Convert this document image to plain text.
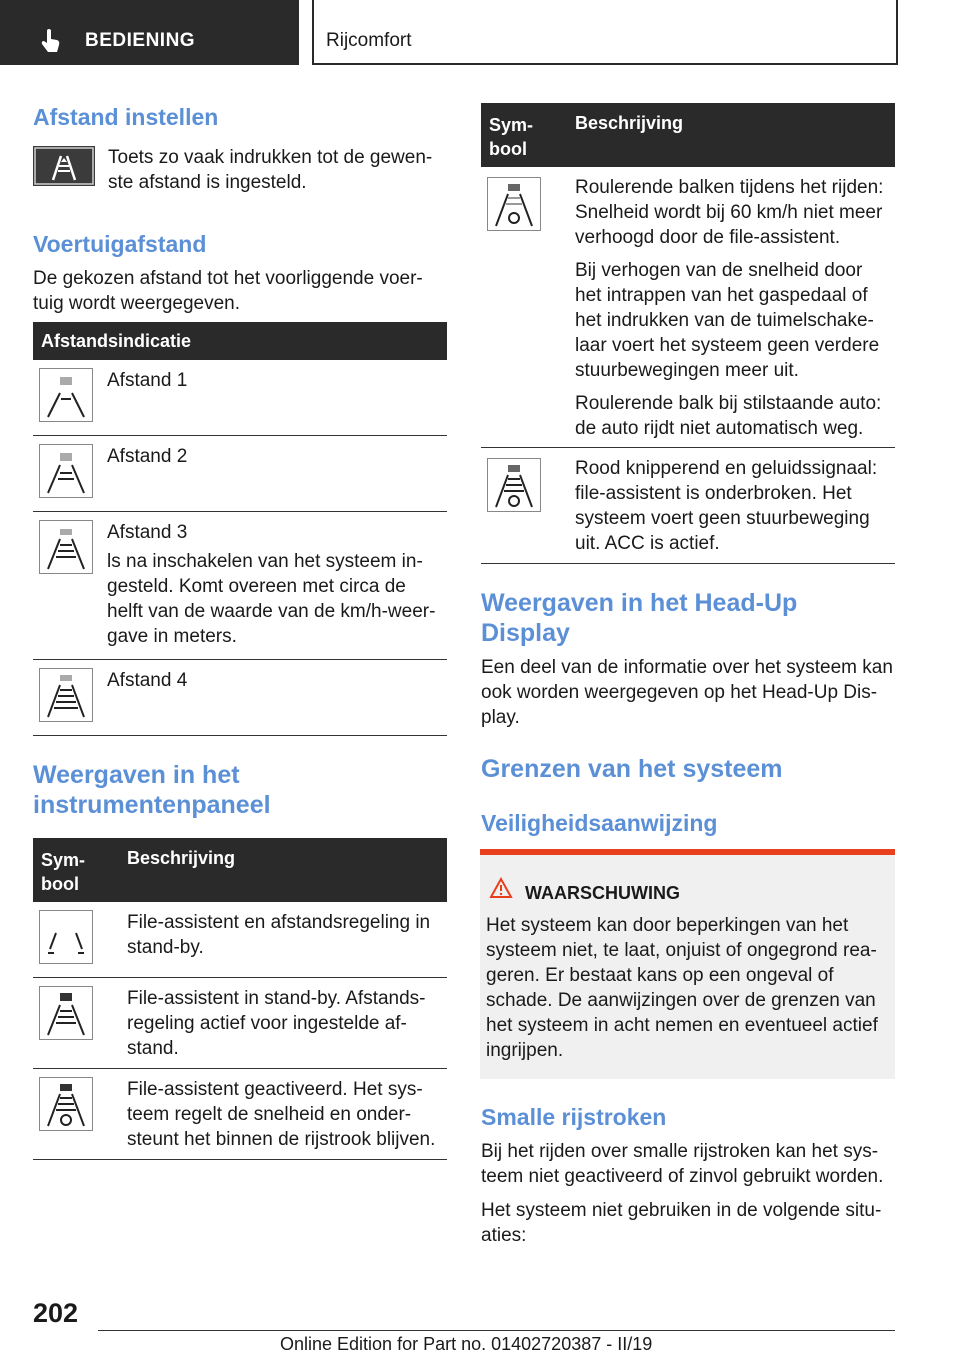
BEDIENING	Rijcomfort
Afstand instellen

Toets zo vaak indrukken tot de gewen-ste afstand is ingesteld.

Voertuigafstand

De gekozen afstand tot het voorliggende voer-tuig wordt weergegeven.

Afstandsindicatie
Afstand 1
Afstand 2
Afstand 3
ls na inschakelen van het systeem in-gesteld. Komt overeen met circa de helft van de waarde van de km/h-weer-gave in meters.
Afstand 4
Weergaven in het instrumentenpaneel
Sym-bool
Beschrijving
File-assistent en afstandsregeling in stand-by.
File-assistent in stand-by. Afstands-regeling actief voor ingestelde af-stand.
File-assistent geactiveerd. Het sys-teem regelt de snelheid en onder-steunt het binnen de rijstrook blijven.
Sym-bool
Beschrijving
Roulerende balken tijdens het rijden: Snelheid wordt bij 60 km/h niet meer verhoogd door de file-assistent.
Bij verhogen van de snelheid door het intrappen van het gaspedaal of het indrukken van de tuimelschake-laar voert het systeem geen verdere stuurbewegingen meer uit.
Roulerende balk bij stilstaande auto: de auto rijdt niet automatisch weg.
Rood knipperend en geluidssignaal: file-assistent is onderbroken. Het systeem voert geen stuurbeweging uit. ACC is actief.
Weergaven in het Head-Up Display

Een deel van de informatie over het systeem kan ook worden weergegeven op het Head-Up Dis-play.

Grenzen van het systeem
Veiligheidsaanwijzing
WAARSCHUWING
Het systeem kan door beperkingen van het systeem niet, te laat, onjuist of ongegrond rea-geren. Er bestaat kans op een ongeval of schade. De aanwijzingen over de grenzen van het systeem in acht nemen en eventueel actief ingrijpen.
Smalle rijstroken

Bij het rijden over smalle rijstroken kan het sys-teem niet geactiveerd of zinvol gebruikt worden.

Het systeem niet gebruiken in de volgende situ-aties:

202
Online Edition for Part no. 01402720387 - II/19
